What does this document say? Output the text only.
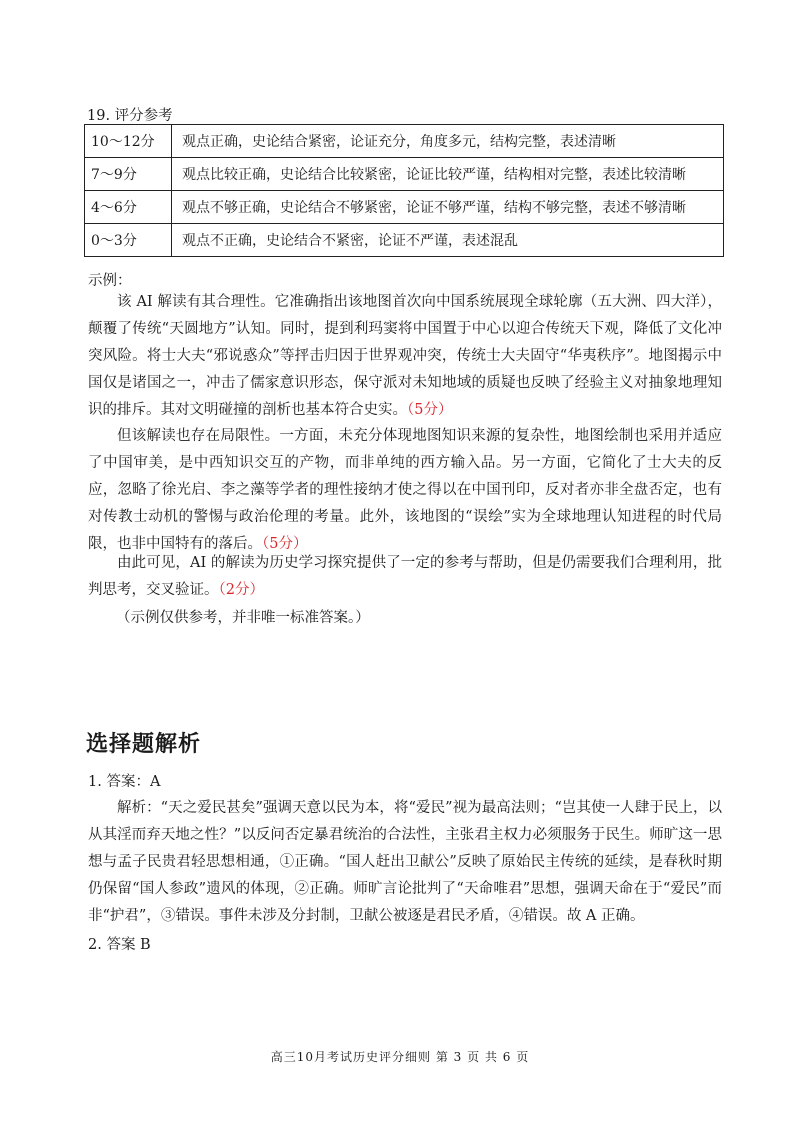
19. 评分参考
10～12分	观点正确，史论结合紧密，论证充分，角度多元，结构完整，表述清晰
7～9分	观点比较正确，史论结合比较紧密，论证比较严谨，结构相对完整，表述比较清晰
4～6分	观点不够正确，史论结合不够紧密，论证不够严谨，结构不够完整，表述不够清晰
0～3分	观点不正确，史论结合不紧密，论证不严谨，表述混乱
示例：
该 AI 解读有其合理性。它准确指出该地图首次向中国系统展现全球轮廓（五大洲、四大洋），颠覆了传统“天圆地方”认知。同时，提到利玛窦将中国置于中心以迎合传统天下观，降低了文化冲突风险。将士大夫“邪说惑众”等抨击归因于世界观冲突，传统士大夫固守“华夷秩序”。地图揭示中国仅是诸国之一，冲击了儒家意识形态，保守派对未知地域的质疑也反映了经验主义对抽象地理知识的排斥。其对文明碰撞的剖析也基本符合史实。（5分）
但该解读也存在局限性。一方面，未充分体现地图知识来源的复杂性，地图绘制也采用并适应了中国审美，是中西知识交互的产物，而非单纯的西方输入品。另一方面，它简化了士大夫的反应，忽略了徐光启、李之藻等学者的理性接纳才使之得以在中国刊印，反对者亦非全盘否定，也有对传教士动机的警惕与政治伦理的考量。此外，该地图的“误绘”实为全球地理认知进程的时代局限，也非中国特有的落后。（5分）
由此可见，AI 的解读为历史学习探究提供了一定的参考与帮助，但是仍需要我们合理利用，批判思考，交叉验证。（2分）
（示例仅供参考，并非唯一标准答案。）
选择题解析
1. 答案：A
解析：“天之爱民甚矣”强调天意以民为本，将“爱民”视为最高法则；“岂其使一人肆于民上，以从其淫而弃天地之性？”以反问否定暴君统治的合法性，主张君主权力必须服务于民生。师旷这一思想与孟子民贵君轻思想相通，①正确。“国人赶出卫献公”反映了原始民主传统的延续，是春秋时期仍保留“国人参政”遗风的体现，②正确。师旷言论批判了“天命唯君”思想，强调天命在于“爱民”而非“护君”，③错误。事件未涉及分封制，卫献公被逐是君民矛盾，④错误。故 A 正确。
2. 答案 B
高三10月考试历史评分细则 第 3 页 共 6 页
